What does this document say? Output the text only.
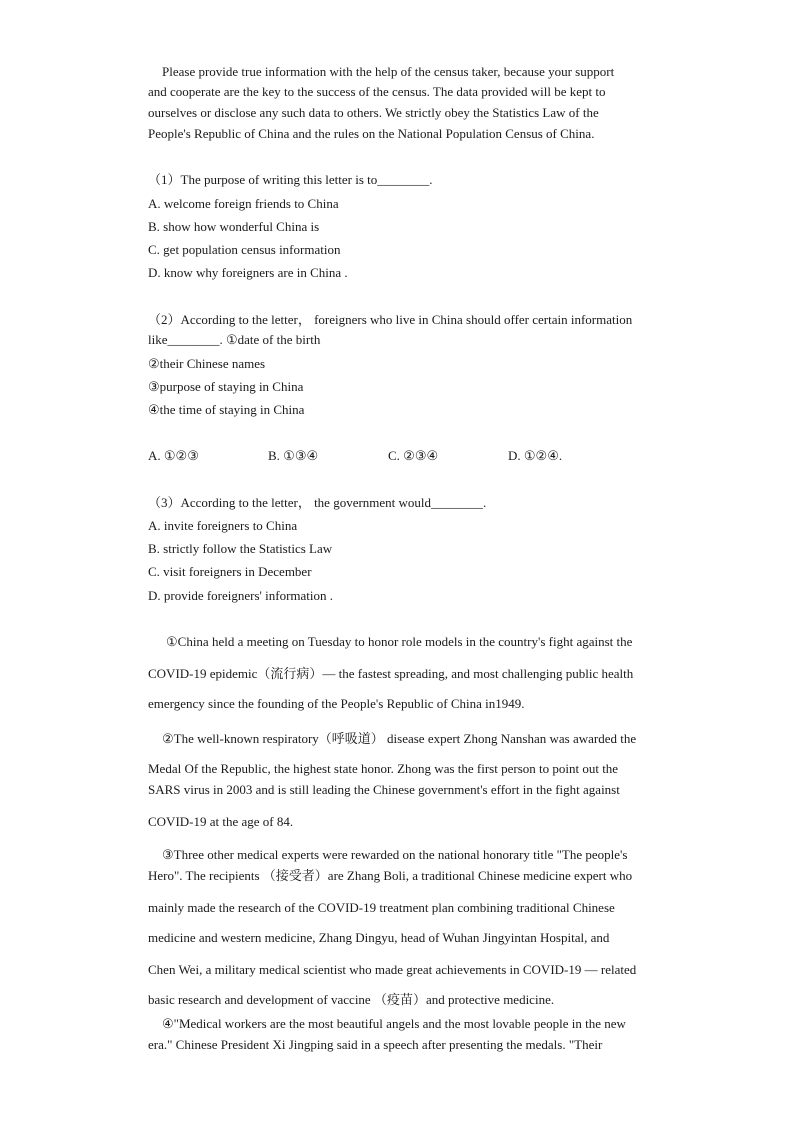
Please provide true information with the help of the census taker, because your support
and cooperate are the key to the success of the census. The data provided will be kept to
ourselves or disclose any such data to others. We strictly obey the Statistics Law of the
People's Republic of China and the rules on the National Population Census of China.
（1）The purpose of writing this letter is to________.
A. welcome foreign friends to China
B. show how wonderful China is
C. get population census information
D. know why foreigners are in China .
（2）According to the letter， foreigners who live in China should offer certain information
like________. ①date of the birth
②their Chinese names
③purpose of staying in China
④the time of staying in China
A. ①②③	B. ①③④	C. ②③④	D. ①②④.
（3）According to the letter， the government would________.
A. invite foreigners to China
B. strictly follow the Statistics Law
C. visit foreigners in December
D. provide foreigners' information .
①China held a meeting on Tuesday to honor role models in the country's fight against the
COVID-19 epidemic（流行病）— the fastest spreading, and most challenging public health
emergency since the founding of the People's Republic of China in1949.
②The well-known respiratory（呼吸道） disease expert Zhong Nanshan was awarded the
Medal Of the Republic, the highest state honor. Zhong was the first person to point out the
SARS virus in 2003 and is still leading the Chinese government's effort in the fight against
COVID-19 at the age of 84.
③Three other medical experts were rewarded on the national honorary title "The people's
Hero". The recipients （接受者）are Zhang Boli, a traditional Chinese medicine expert who
mainly made the research of the COVID-19 treatment plan combining traditional Chinese
medicine and western medicine, Zhang Dingyu, head of Wuhan Jingyintan Hospital, and
Chen Wei, a military medical scientist who made great achievements in COVID-19 — related
basic research and development of vaccine （疫苗）and protective medicine.
④"Medical workers are the most beautiful angels and the most lovable people in the new
era." Chinese President Xi Jingping said in a speech after presenting the medals. "Their
